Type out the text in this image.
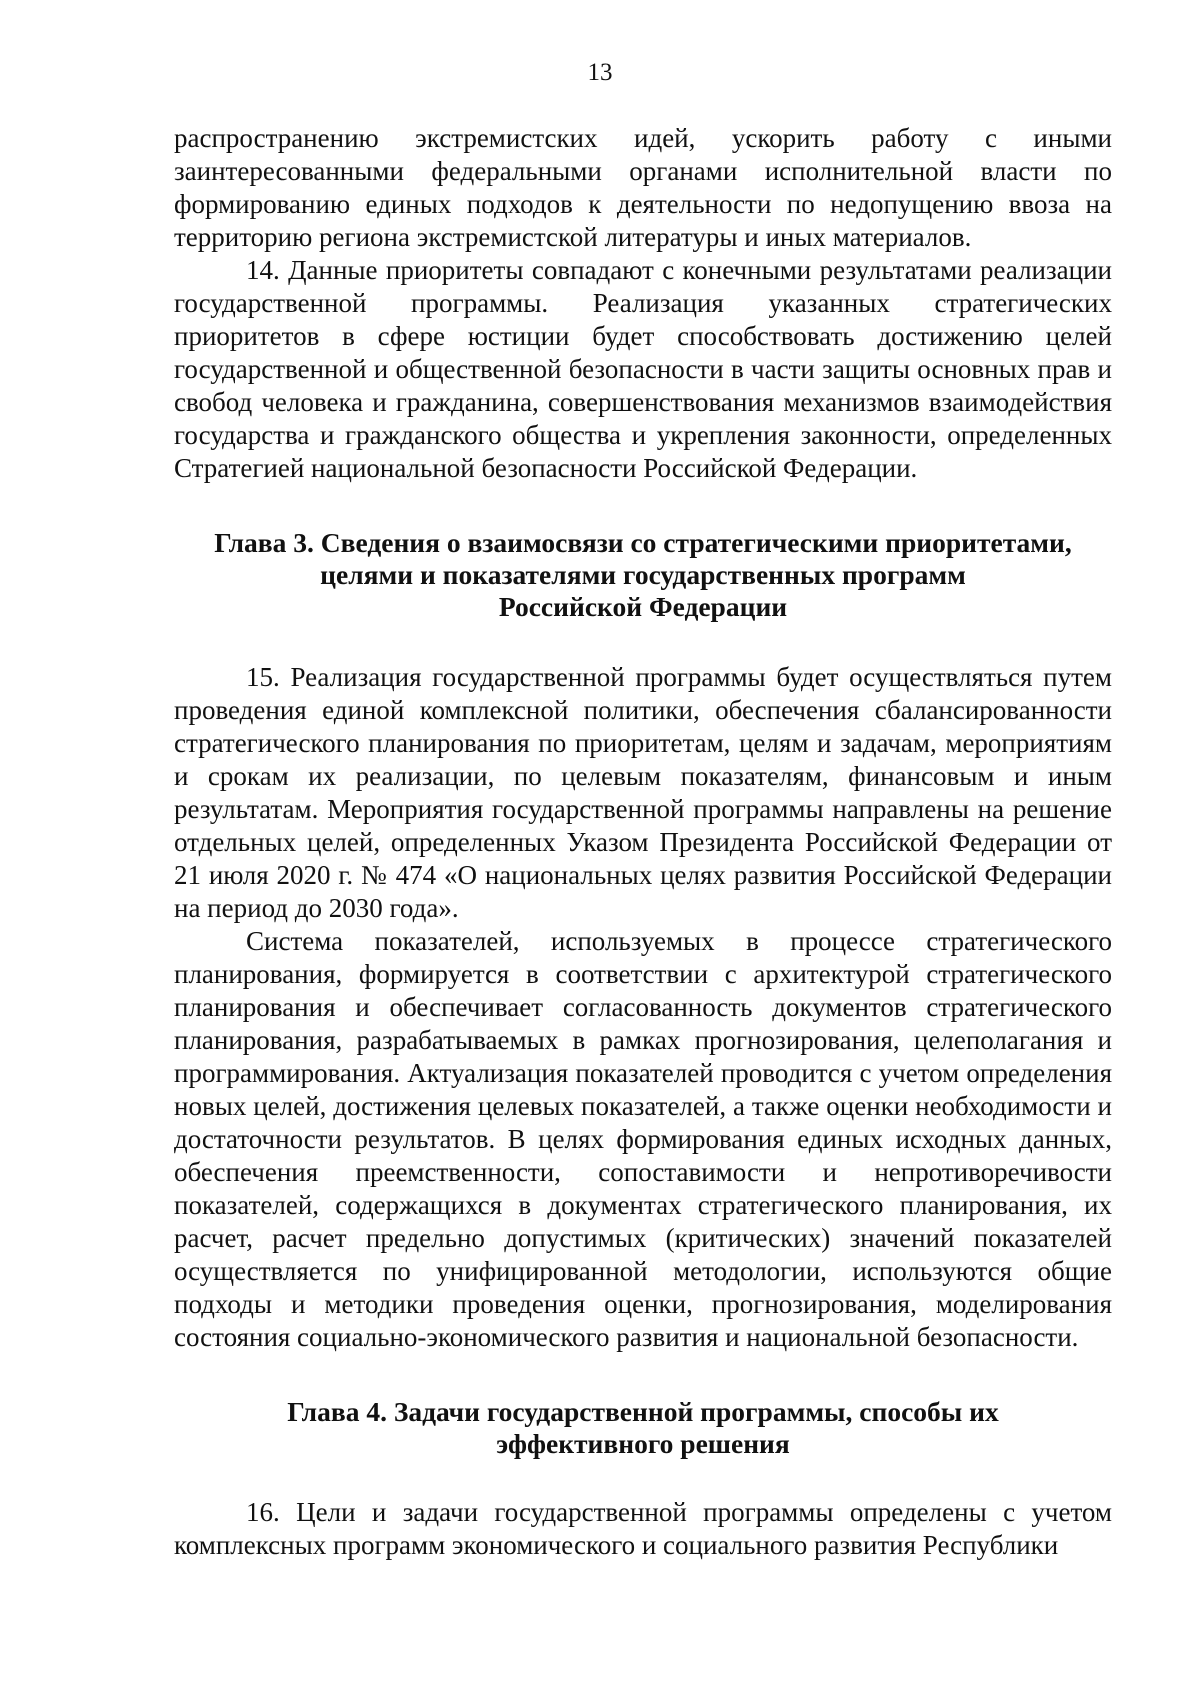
13

распространению экстремистских идей, ускорить работу с иными заинтересованными федеральными органами исполнительной власти по формированию единых подходов к деятельности по недопущению ввоза на территорию региона экстремистской литературы и иных материалов.

14. Данные приоритеты совпадают с конечными результатами реализации государственной программы. Реализация указанных стратегических приоритетов в сфере юстиции будет способствовать достижению целей государственной и общественной безопасности в части защиты основных прав и свобод человека и гражданина, совершенствования механизмов взаимодействия государства и гражданского общества и укрепления законности, определенных Стратегией национальной безопасности Российской Федерации.

Глава 3. Сведения о взаимосвязи со стратегическими приоритетами,
целями и показателями государственных программ
Российской Федерации

15. Реализация государственной программы будет осуществляться путем проведения единой комплексной политики, обеспечения сбалансированности стратегического планирования по приоритетам, целям и задачам, мероприятиям и срокам их реализации, по целевым показателям, финансовым и иным результатам. Мероприятия государственной программы направлены на решение отдельных целей, определенных Указом Президента Российской Федерации от 21 июля 2020 г. № 474 «О национальных целях развития Российской Федерации на период до 2030 года».

Система показателей, используемых в процессе стратегического планирования, формируется в соответствии с архитектурой стратегического планирования и обеспечивает согласованность документов стратегического планирования, разрабатываемых в рамках прогнозирования, целеполагания и программирования. Актуализация показателей проводится с учетом определения новых целей, достижения целевых показателей, а также оценки необходимости и достаточности результатов. В целях формирования единых исходных данных, обеспечения преемственности, сопоставимости и непротиворечивости показателей, содержащихся в документах стратегического планирования, их расчет, расчет предельно допустимых (критических) значений показателей осуществляется по унифицированной методологии, используются общие подходы и методики проведения оценки, прогнозирования, моделирования состояния социально-экономического развития и национальной безопасности.

Глава 4. Задачи государственной программы, способы их
эффективного решения

16. Цели и задачи государственной программы определены с учетом комплексных программ экономического и социального развития Республики
